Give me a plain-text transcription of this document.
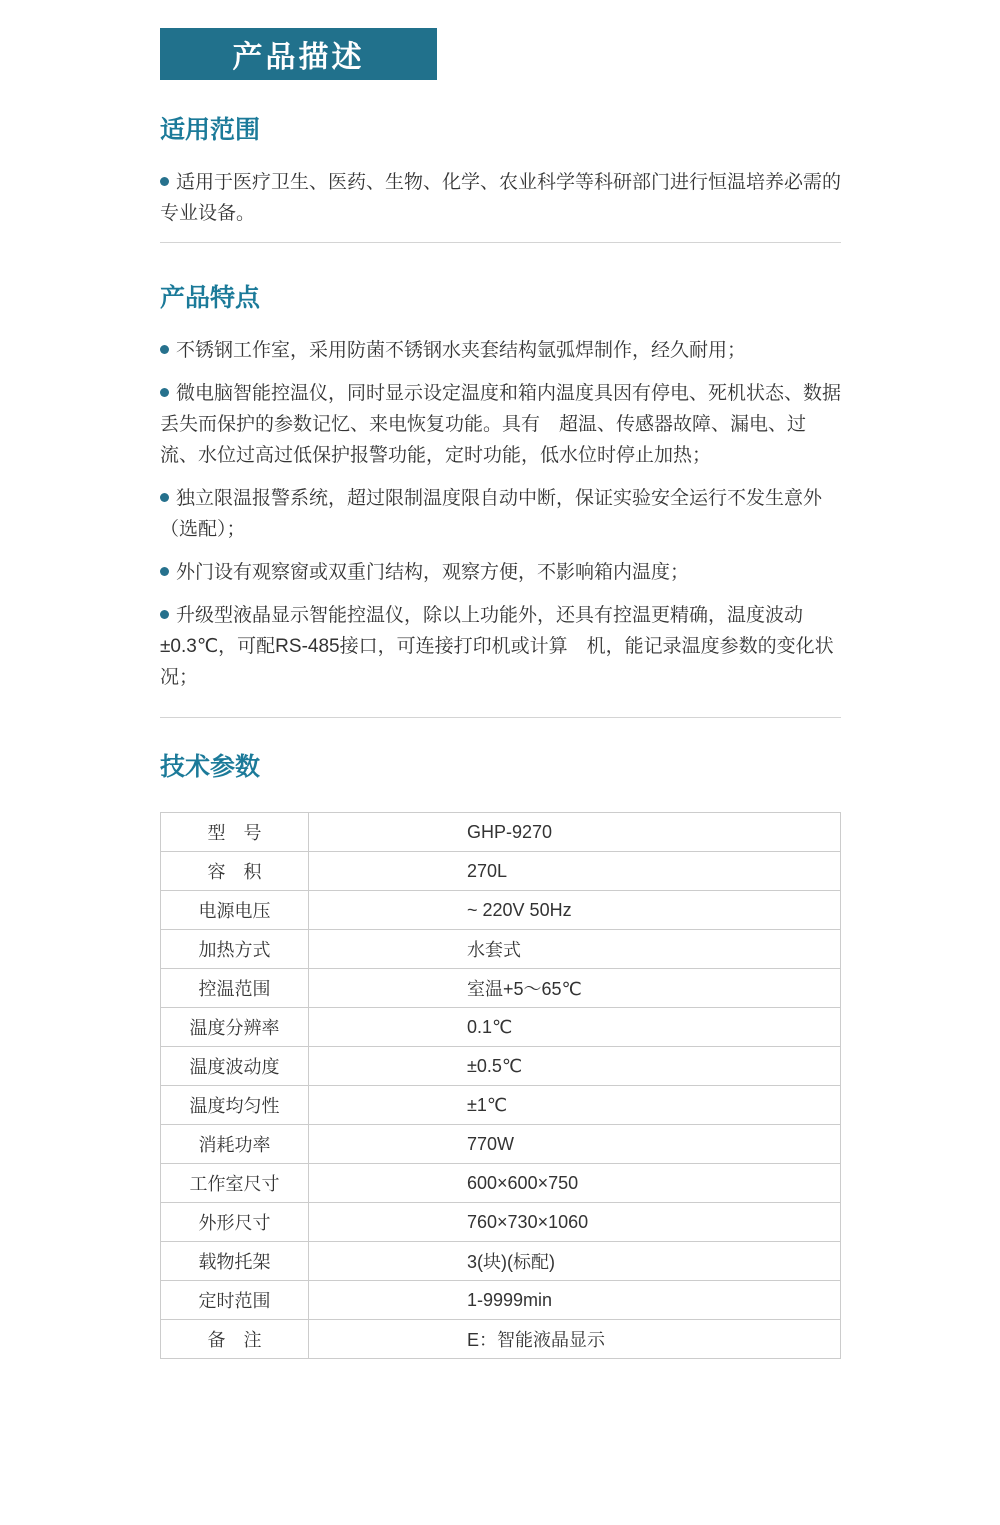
产品描述
适用范围

适用于医疗卫生、医药、生物、化学、农业科学等科研部门进行恒温培养必需的专业设备。

产品特点

不锈钢工作室，采用防菌不锈钢水夹套结构氩弧焊制作，经久耐用；

微电脑智能控温仪，同时显示设定温度和箱内温度具因有停电、死机状态、数据丢失而保护的参数记忆、来电恢复功能。具有　超温、传感器故障、漏电、过流、水位过高过低保护报警功能，定时功能，低水位时停止加热；

独立限温报警系统，超过限制温度限自动中断，保证实验安全运行不发生意外（选配）；

外门设有观察窗或双重门结构，观察方便，不影响箱内温度；

升级型液晶显示智能控温仪，除以上功能外，还具有控温更精确，温度波动±0.3℃，可配RS-485接口，可连接打印机或计算　机，能记录温度参数的变化状况；

技术参数
型　号	GHP-9270
容　积	270L
电源电压	~ 220V 50Hz
加热方式	水套式
控温范围	室温+5～65℃
温度分辨率	0.1℃
温度波动度	±0.5℃
温度均匀性	±1℃
消耗功率	770W
工作室尺寸	600×600×750
外形尺寸	760×730×1060
载物托架	3(块)(标配)
定时范围	1-9999min
备　注	E：智能液晶显示
